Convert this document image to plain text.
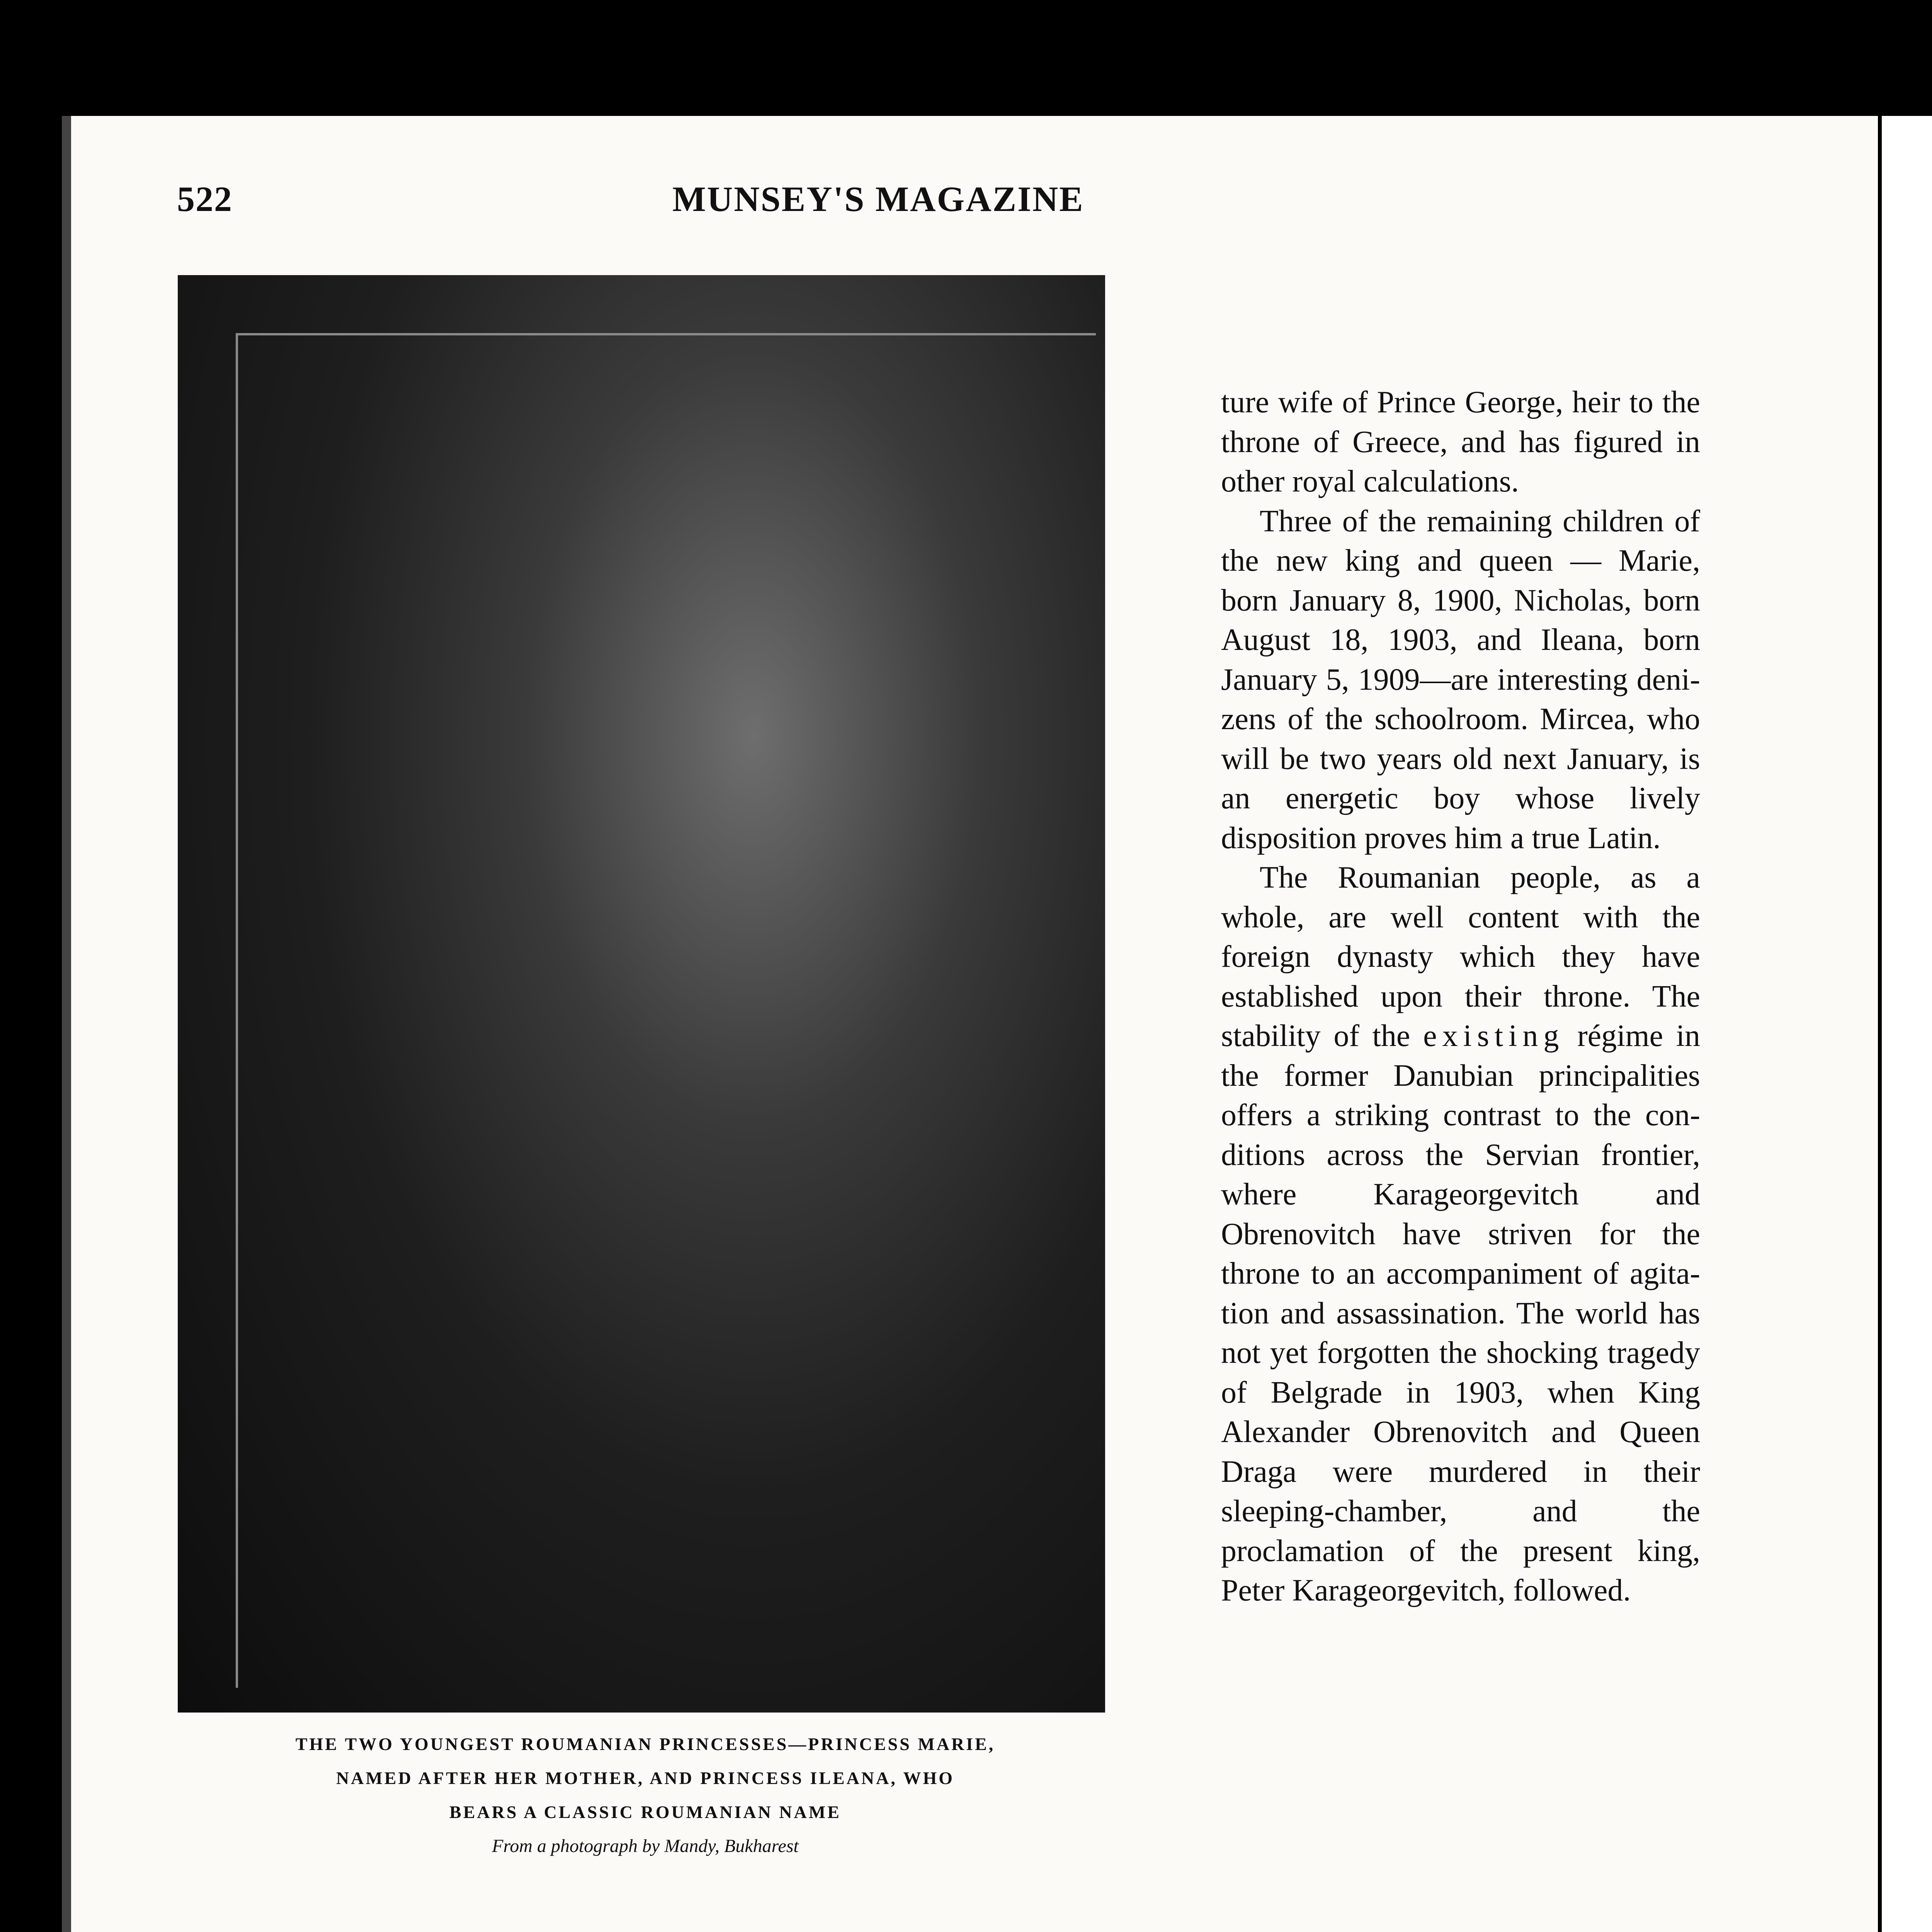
522	MUNSEY'S MAGAZINE
THE TWO YOUNGEST ROUMANIAN PRINCESSES—PRINCESS MARIE,
NAMED AFTER HER MOTHER, AND PRINCESS ILEANA, WHO
BEARS A CLASSIC ROUMANIAN NAME
From a photograph by Mandy, Bukharest

ture wife of Prince George, heir to the throne of Greece, and has figured in other royal calculations.

Three of the remaining children of the new king and queen — Marie, born January 8, 1900, Nicholas, born August 18, 1903, and Ileana, born January 5, 1909—are interesting denizens of the schoolroom. Mircea, who will be two years old next January, is an energetic boy whose lively disposition proves him a true Latin.

The Roumanian people, as a whole, are well content with the foreign dynasty which they have established upon their throne. The stability of the existing régime in the former Danubian principalities offers a striking contrast to the conditions across the Servian frontier, where Karageorgevitch and Obrenovitch have striven for the throne to an accompaniment of agitation and assassination. The world has not yet forgotten the shocking tragedy of Belgrade in 1903, when King Alexander Obrenovitch and Queen Draga were murdered in their sleeping-chamber, and the proclamation of the present king, Peter Karageorgevitch, followed.
